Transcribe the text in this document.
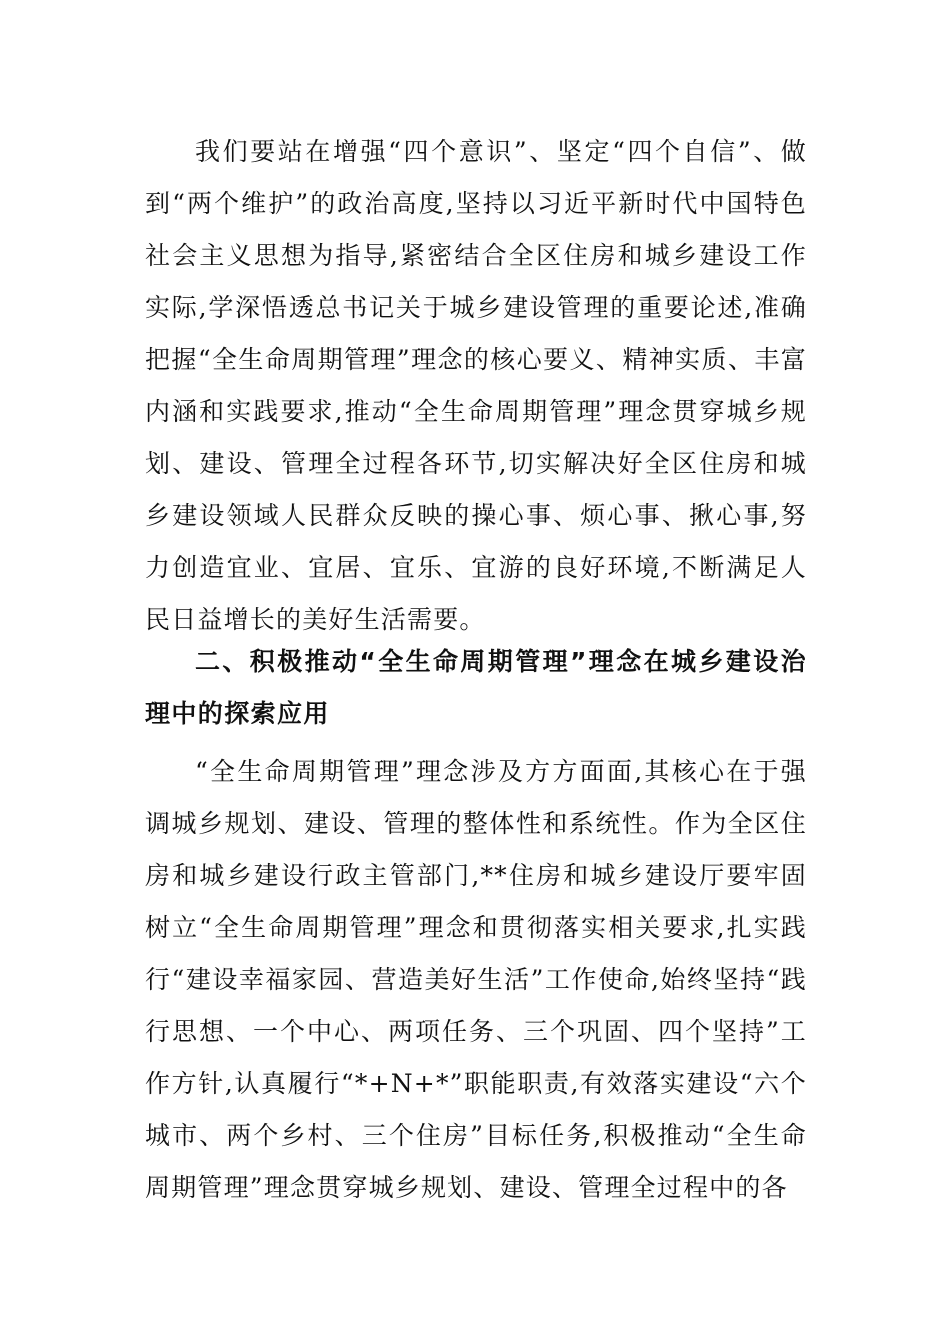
我们要站在增强“四个意识”、坚定“四个自信”、做到“两个维护”的政治高度,坚持以习近平新时代中国特色社会主义思想为指导,紧密结合全区住房和城乡建设工作实际,学深悟透总书记关于城乡建设管理的重要论述,准确把握“全生命周期管理”理念的核心要义、精神实质、丰富内涵和实践要求,推动“全生命周期管理”理念贯穿城乡规划、建设、管理全过程各环节,切实解决好全区住房和城乡建设领域人民群众反映的操心事、烦心事、揪心事,努力创造宜业、宜居、宜乐、宜游的良好环境,不断满足人民日益增长的美好生活需要。

二、积极推动“全生命周期管理”理念在城乡建设治理中的探索应用

“全生命周期管理”理念涉及方方面面,其核心在于强调城乡规划、建设、管理的整体性和系统性。作为全区住房和城乡建设行政主管部门,**住房和城乡建设厅要牢固树立“全生命周期管理”理念和贯彻落实相关要求,扎实践行“建设幸福家园、营造美好生活”工作使命,始终坚持“践行思想、一个中心、两项任务、三个巩固、四个坚持”工作方针,认真履行“*+N+*”职能职责,有效落实建设“六个城市、两个乡村、三个住房”目标任务,积极推动“全生命周期管理”理念贯穿城乡规划、建设、管理全过程中的各
